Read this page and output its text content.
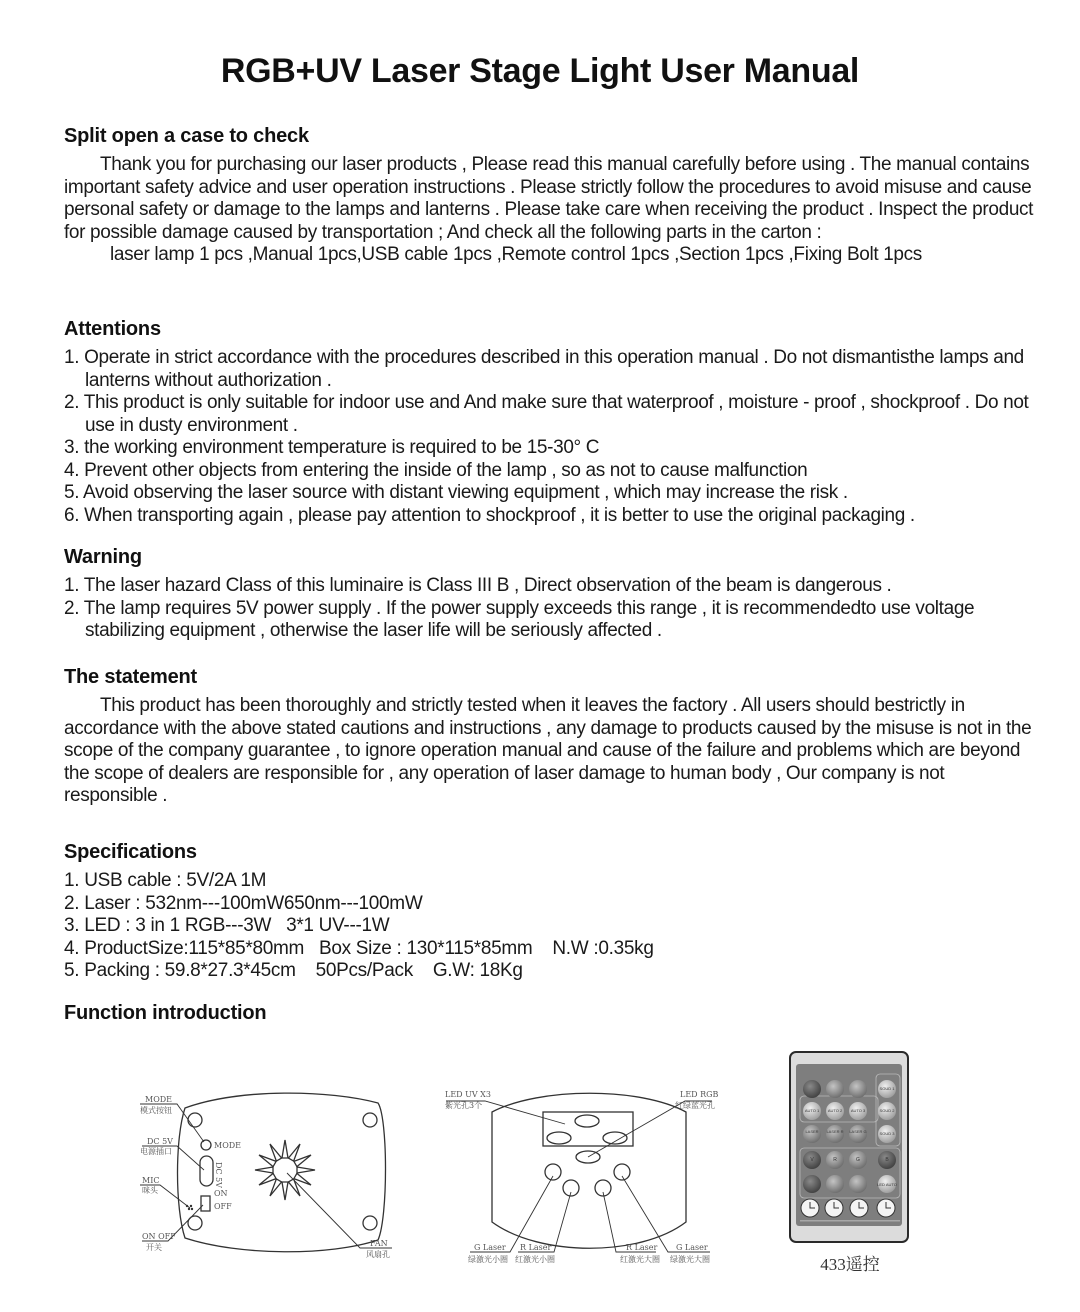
RGB+UV Laser Stage Light User Manual
Split open a case to check

Thank you for purchasing our laser products , Please read this manual carefully before using . The manual contains important safety advice and user operation instructions . Please strictly follow the procedures to avoid misuse and cause personal safety or damage to the lamps and lanterns . Please take care when receiving the product . Inspect the product for possible damage caused by transportation ; And check all the following parts in the carton :

laser lamp 1 pcs ,Manual 1pcs,USB cable 1pcs ,Remote control 1pcs ,Section 1pcs ,Fixing Bolt 1pcs

Attentions

1. Operate in strict accordance with the procedures described in this operation manual . Do not dismantisthe lamps and lanterns without authorization .

2. This product is only suitable for indoor use and And make sure that waterproof , moisture - proof , shockproof . Do not use in dusty environment .

3. the working environment temperature is required to be 15-30° C

4. Prevent other objects from entering the inside of the lamp , so as not to cause malfunction

5. Avoid observing the laser source with distant viewing equipment , which may increase the risk .

6. When transporting again , please pay attention to shockproof , it is better to use the original packaging .

Warning

1. The laser hazard Class of this luminaire is Class III B , Direct observation of the beam is dangerous .

2. The lamp requires 5V power supply . If the power supply exceeds this range , it is recommendedto use voltage stabilizing equipment , otherwise the laser life will be seriously affected .

The statement

This product has been thoroughly and strictly tested when it leaves the factory . All users should bestrictly in accordance with the above stated cautions and instructions , any damage to products caused by the misuse is not in the scope of the company guarantee , to ignore operation manual and cause of the failure and problems which are beyond the scope of dealers are responsible for , any operation of laser damage to human body , Our company is not responsible .

Specifications

1. USB cable : 5V/2A 1M

2. Laser : 532nm---100mW650nm---100mW

3. LED : 3 in 1 RGB---3W   3*1 UV---1W

4. ProductSize:115*85*80mm   Box Size : 130*115*85mm    N.W :0.35kg

5. Packing : 59.8*27.3*45cm    50Pcs/Pack    G.W: 18Kg

Function introduction
MODE
模式按钮
DC 5V
电源插口
MIC
咪头
ON OFF
开关	FAN
风扇孔
MODE
DC 5V
ON
OFF
LED UV X3
紫光孔3个
LED RGB
红绿蓝光孔
G Laser
绿激光小圈
R Laser
红激光小圈
R Laser
红激光大圈
G Laser
绿激光大圈
SOUD 1
AUTO 1 AUTO 2 AUTO 3	SOUD 2
LASER LASER R LASER G	SOUD 3
V	R	G	B
LED AUTO
433遥控
